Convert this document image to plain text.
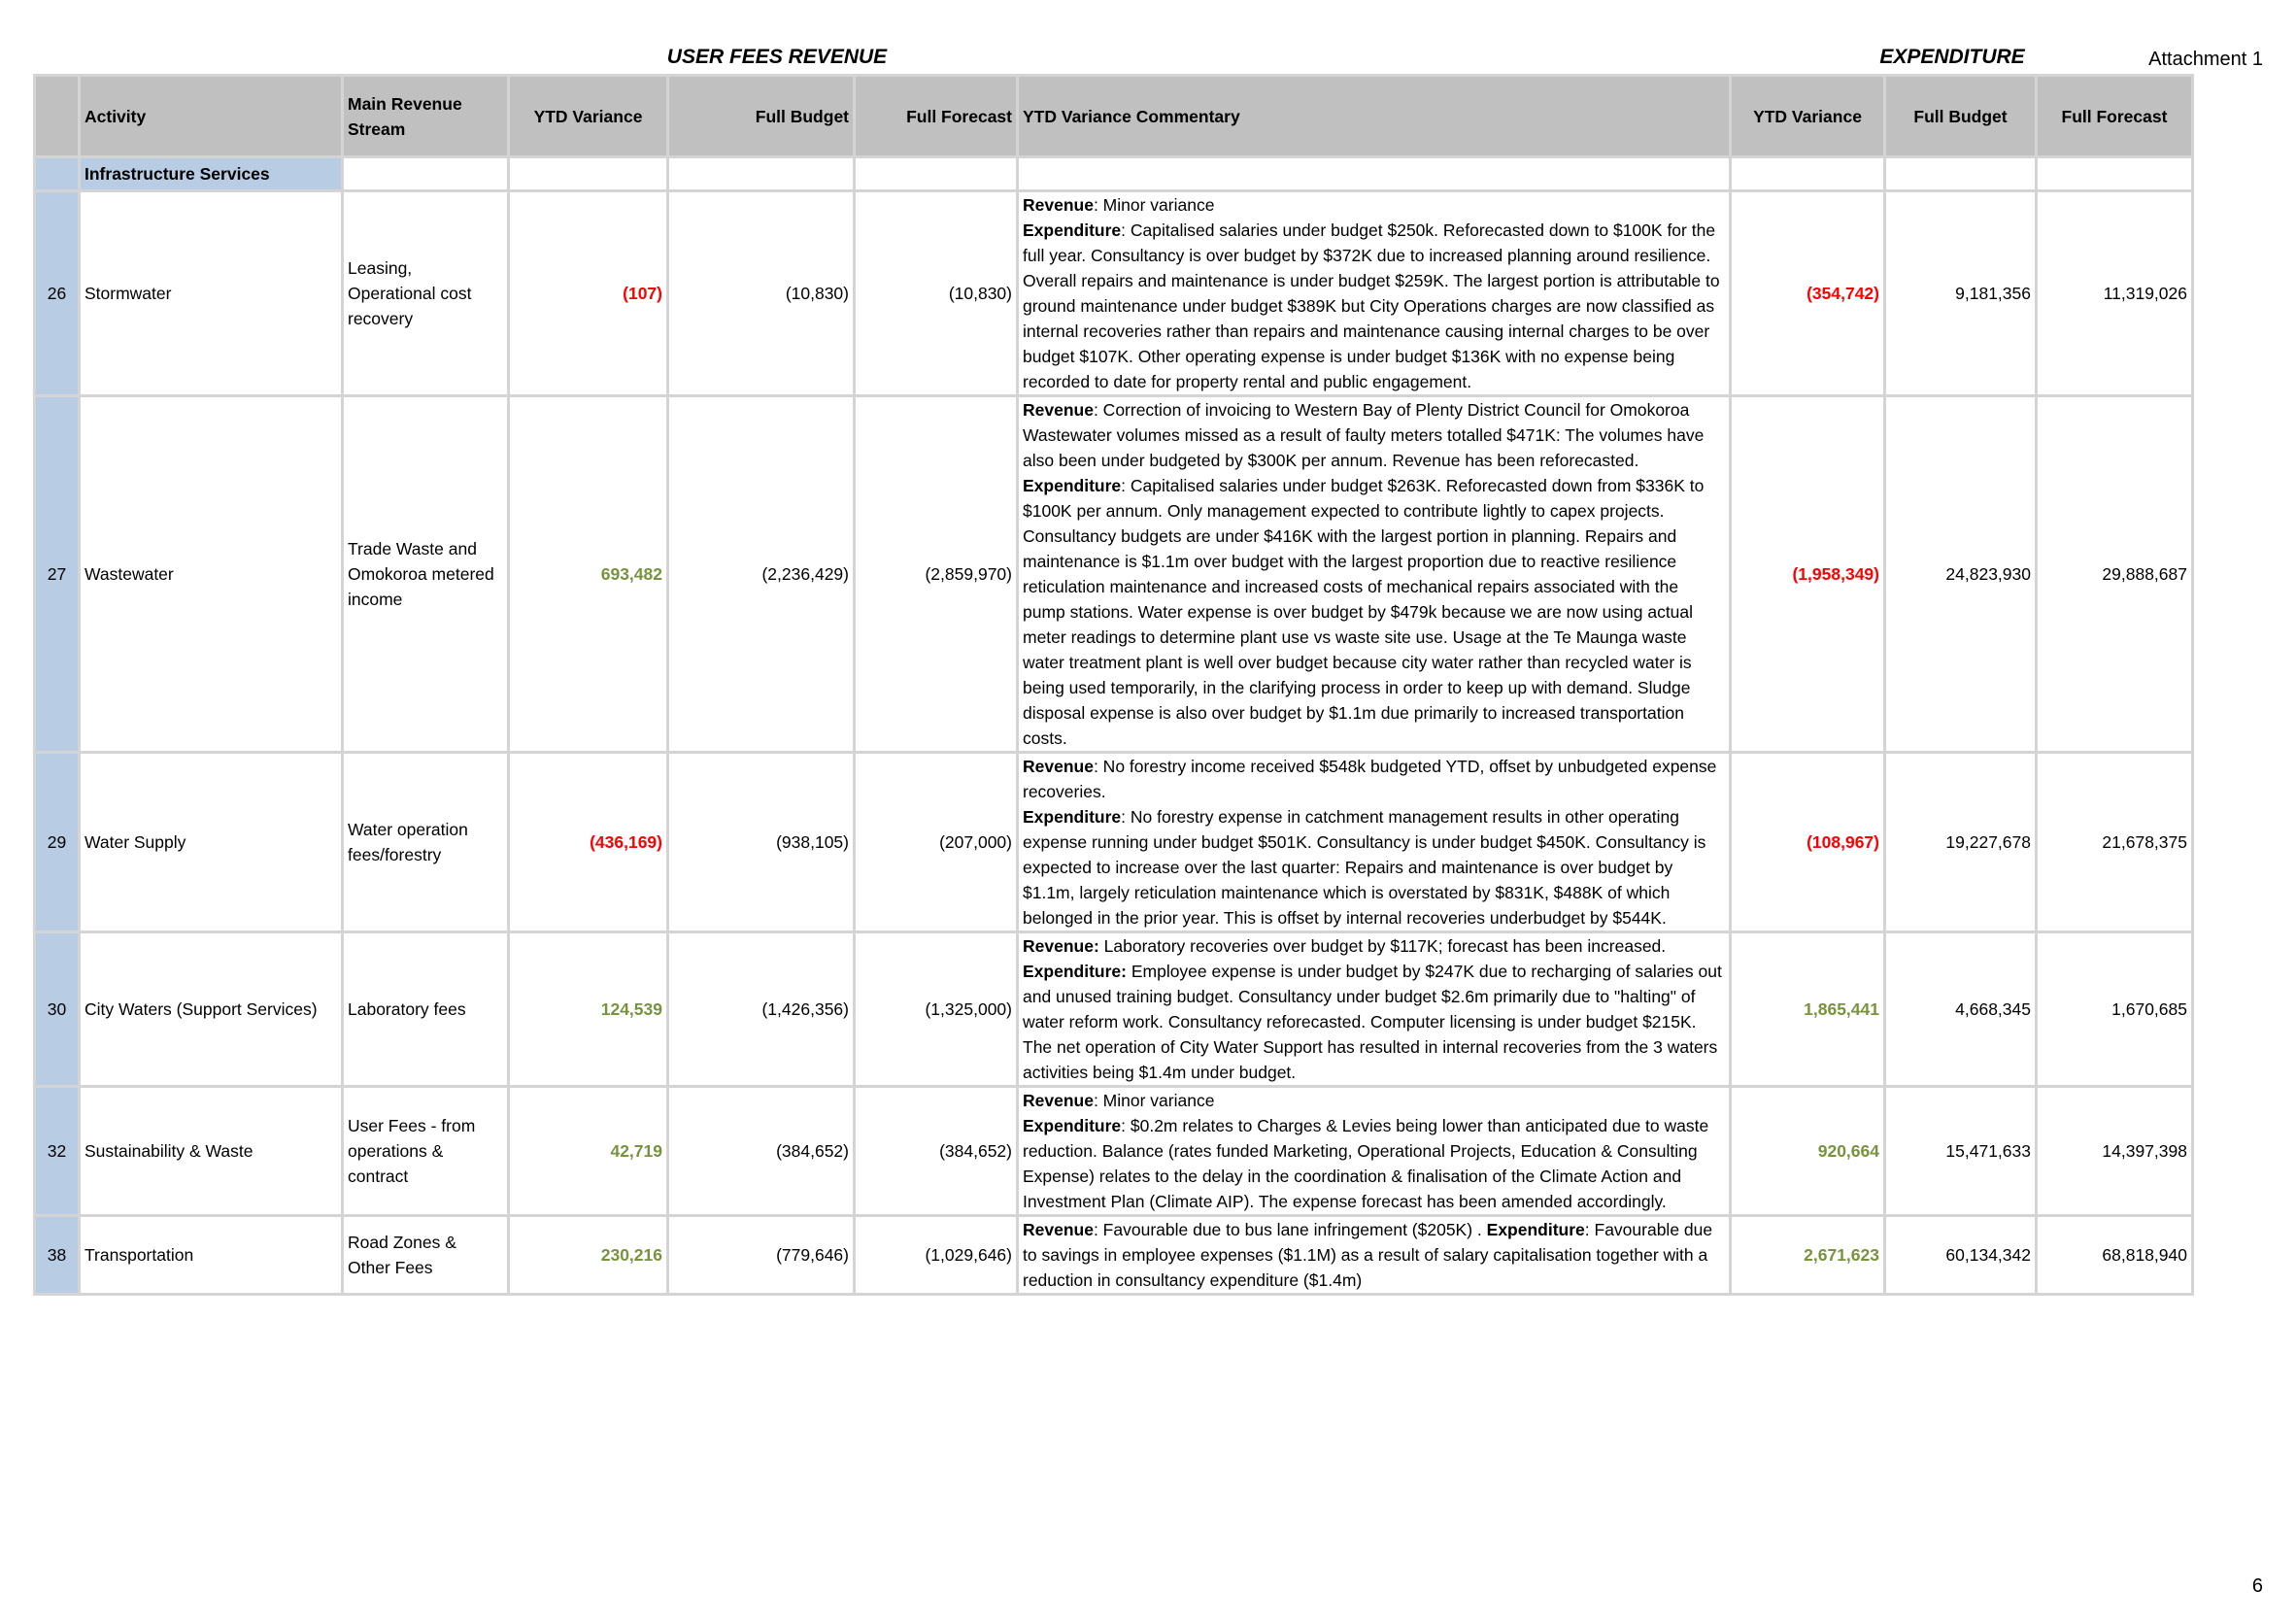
USER FEES REVENUE	EXPENDITURE	Attachment 1
	Activity	Main Revenue Stream	YTD Variance	Full Budget	Full Forecast	YTD Variance Commentary	YTD Variance	Full Budget	Full Forecast
	Infrastructure Services								
26	Stormwater	Leasing, Operational cost recovery	(107)	(10,830)	(10,830)	Revenue: Minor variance
Expenditure: Capitalised salaries under budget $250k. Reforecasted down to $100K for the full year. Consultancy is over budget by $372K due to increased planning around resilience. Overall repairs and maintenance is under budget $259K. The largest portion is attributable to ground maintenance under budget $389K but City Operations charges are now classified as internal recoveries rather than repairs and maintenance causing internal charges to be over budget $107K. Other operating expense is under budget $136K with no expense being recorded to date for property rental and public engagement.	(354,742)	9,181,356	11,319,026
27	Wastewater	Trade Waste and Omokoroa metered income	693,482	(2,236,429)	(2,859,970)	Revenue: Correction of invoicing to Western Bay of Plenty District Council for Omokoroa Wastewater volumes missed as a result of faulty meters totalled $471K: The volumes have also been under budgeted by $300K per annum. Revenue has been reforecasted.
Expenditure: Capitalised salaries under budget $263K. Reforecasted down from $336K to $100K per annum. Only management expected to contribute lightly to capex projects. Consultancy budgets are under $416K with the largest portion in planning. Repairs and maintenance is $1.1m over budget with the largest proportion due to reactive resilience reticulation maintenance and increased costs of mechanical repairs associated with the pump stations. Water expense is over budget by $479k because we are now using actual meter readings to determine plant use vs waste site use. Usage at the Te Maunga waste water treatment plant is well over budget because city water rather than recycled water is being used temporarily, in the clarifying process in order to keep up with demand. Sludge disposal expense is also over budget by $1.1m due primarily to increased transportation costs.	(1,958,349)	24,823,930	29,888,687
29	Water Supply	Water operation fees/forestry	(436,169)	(938,105)	(207,000)	Revenue: No forestry income received $548k budgeted YTD, offset by unbudgeted expense recoveries.
Expenditure: No forestry expense in catchment management results in other operating expense running under budget $501K. Consultancy is under budget $450K. Consultancy is expected to increase over the last quarter: Repairs and maintenance is over budget by $1.1m, largely reticulation maintenance which is overstated by $831K, $488K of which belonged in the prior year. This is offset by internal recoveries underbudget by $544K.	(108,967)	19,227,678	21,678,375
30	City Waters (Support Services)	Laboratory fees	124,539	(1,426,356)	(1,325,000)	Revenue: Laboratory recoveries over budget by $117K; forecast has been increased.
Expenditure: Employee expense is under budget by $247K due to recharging of salaries out and unused training budget. Consultancy under budget $2.6m primarily due to "halting" of water reform work. Consultancy reforecasted. Computer licensing is under budget $215K. The net operation of City Water Support has resulted in internal recoveries from the 3 waters activities being $1.4m under budget.	1,865,441	4,668,345	1,670,685
32	Sustainability & Waste	User Fees - from operations & contract	42,719	(384,652)	(384,652)	Revenue: Minor variance
Expenditure: $0.2m relates to Charges & Levies being lower than anticipated due to waste reduction. Balance (rates funded Marketing, Operational Projects, Education & Consulting Expense) relates to the delay in the coordination & finalisation of the Climate Action and Investment Plan (Climate AIP). The expense forecast has been amended accordingly.	920,664	15,471,633	14,397,398
38	Transportation	Road Zones & Other Fees	230,216	(779,646)	(1,029,646)	Revenue: Favourable due to bus lane infringement ($205K) . Expenditure: Favourable due to savings in employee expenses ($1.1M) as a result of salary capitalisation together with a reduction in consultancy expenditure ($1.4m)	2,671,623	60,134,342	68,818,940
6
